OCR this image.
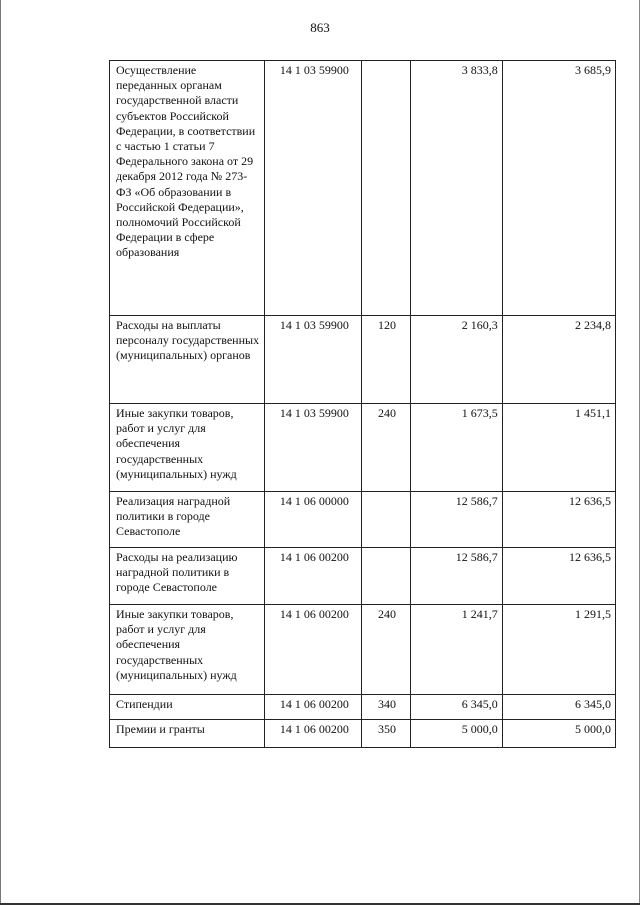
863
Осуществление переданных органам государственной власти субъектов Российской Федерации, в соответствии с частью 1 статьи 7 Федерального закона от 29 декабря 2012 года № 273-ФЗ «Об образовании в Российской Федерации», полномочий Российской Федерации в сфере образования	14 1 03 59900		3 833,8	3 685,9
Расходы на выплаты персоналу государственных (муниципальных) органов	14 1 03 59900	120	2 160,3	2 234,8
Иные закупки товаров, работ и услуг для обеспечения государственных (муниципальных) нужд	14 1 03 59900	240	1 673,5	1 451,1
Реализация наградной политики в городе Севастополе	14 1 06 00000		12 586,7	12 636,5
Расходы на реализацию наградной политики в городе Севастополе	14 1 06 00200		12 586,7	12 636,5
Иные закупки товаров, работ и услуг для обеспечения государственных (муниципальных) нужд	14 1 06 00200	240	1 241,7	1 291,5
Стипендии	14 1 06 00200	340	6 345,0	6 345,0
Премии и гранты	14 1 06 00200	350	5 000,0	5 000,0
